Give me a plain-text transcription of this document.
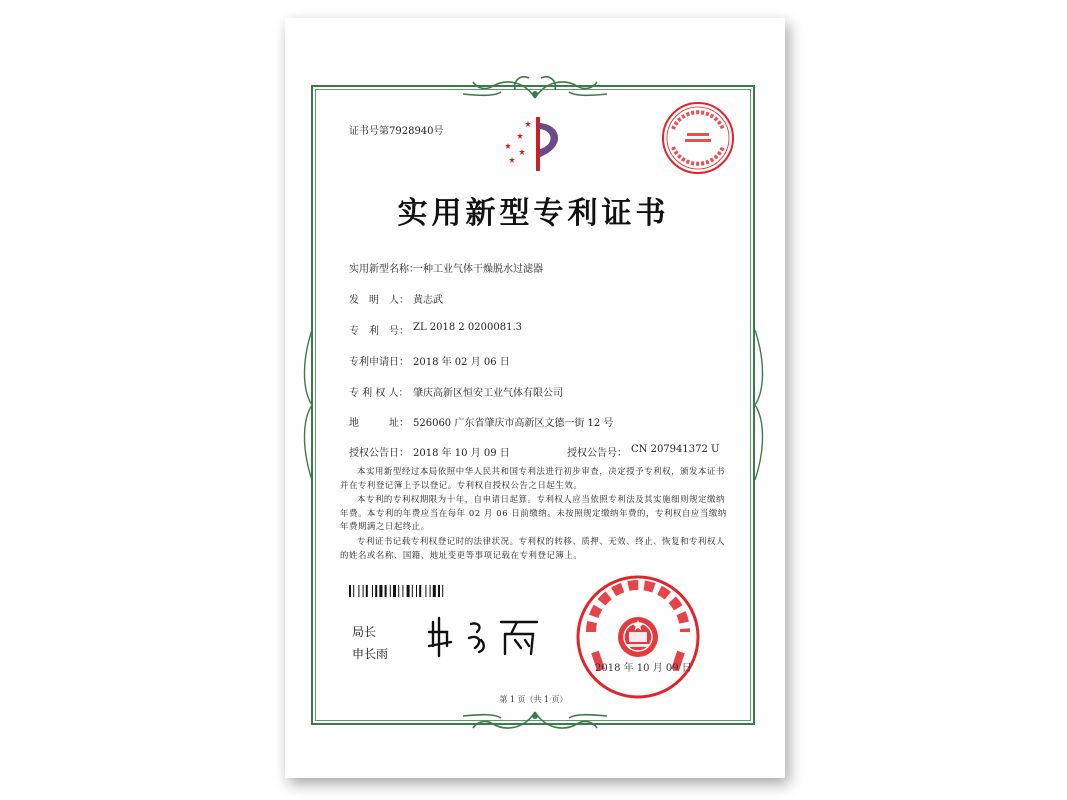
证书号第7928940号
实用新型专利证书
实用新型名称：
一种工业气体干燥脱水过滤器
发　明　人： 黄志武
专　利　号： ZL 2018 2 0200081.3
专利申请日： 2018 年 02 月 06 日
专 利 权 人： 肇庆高新区恒安工业气体有限公司
地　　　址： 526060 广东省肇庆市高新区文德一街 12 号
授权公告日： 2018 年 10 月 09 日	授权公告号： CN 207941372 U
本实用新型经过本局依照中华人民共和国专利法进行初步审查，决定授予专利权，颁发本证书并在专利登记簿上予以登记。专利权自授权公告之日起生效。
本专利的专利权期限为十年，自申请日起算。专利权人应当依照专利法及其实施细则规定缴纳年费。本专利的年费应当在每年 02 月 06 日前缴纳。未按照规定缴纳年费的，专利权自应当缴纳年费期满之日起终止。
专利证书记载专利权登记时的法律状况。专利权的转移、质押、无效、终止、恢复和专利权人的姓名或名称、国籍、地址变更等事项记载在专利登记簿上。
局长
申长雨
2018 年 10 月 09 日
第 1 页（共 1 页）
